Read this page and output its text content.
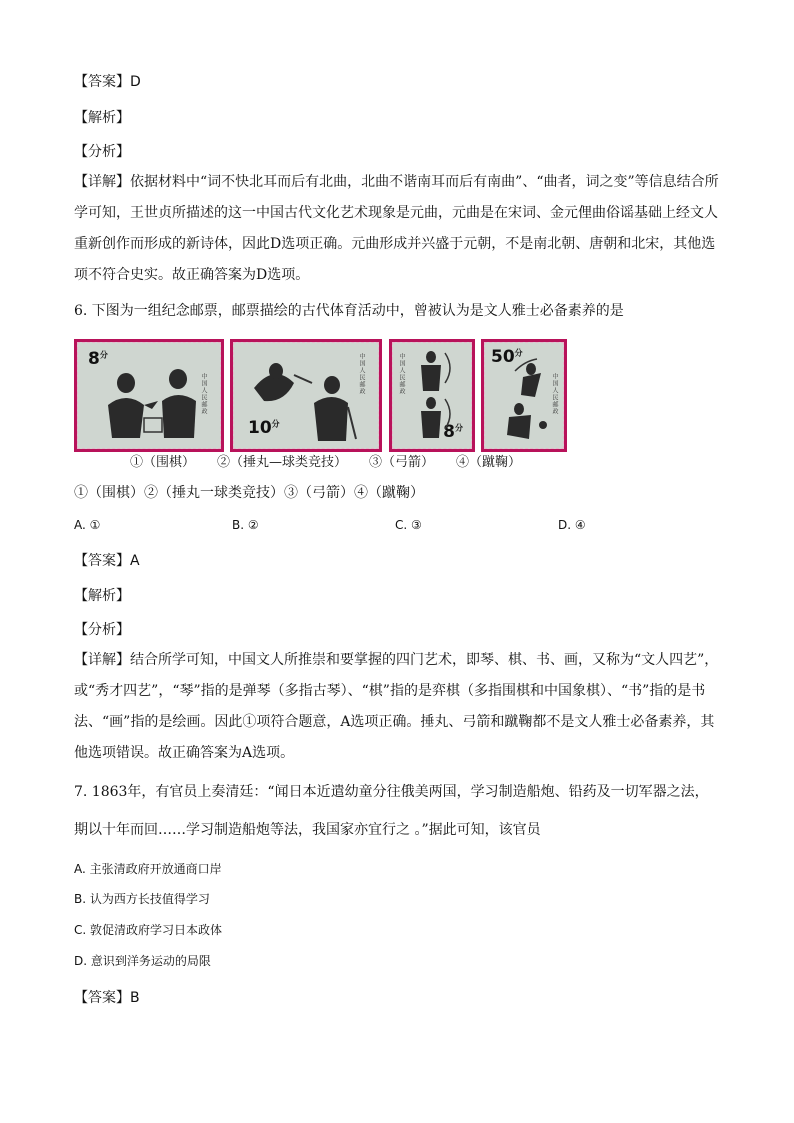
【答案】D
【解析】
【分析】
【详解】依据材料中“词不快北耳而后有北曲，北曲不谐南耳而后有南曲”、“曲者，词之变”等信息结合所学可知，王世贞所描述的这一中国古代文化艺术现象是元曲，元曲是在宋词、金元俚曲俗谣基础上经文人重新创作而形成的新诗体，因此D选项正确。元曲形成并兴盛于元朝，不是南北朝、唐朝和北宋，其他选项不符合史实。故正确答案为D选项。
6. 下图为一组纪念邮票，邮票描绘的古代体育活动中，曾被认为是文人雅士必备素养的是
$8^分$
中国人民邮政
$10^分$
中国人民邮政
$8^分$
中国人民邮政	$50^分$
中国人民邮政
①（围棋） ②（捶丸—球类竞技） ③（弓箭） ④（蹴鞠）
①（围棋）②（捶丸一球类竞技）③（弓箭）④（蹴鞠）
A. ①	B. ②	C. ③	D. ④
【答案】A
【解析】
【分析】
【详解】结合所学可知，中国文人所推崇和要掌握的四门艺术，即琴、棋、书、画，又称为“文人四艺”，或“秀才四艺”，“琴”指的是弹琴（多指古琴）、“棋”指的是弈棋（多指围棋和中国象棋）、“书”指的是书法、“画”指的是绘画。因此①项符合题意，A选项正确。捶丸、弓箭和蹴鞠都不是文人雅士必备素养，其他选项错误。故正确答案为A选项。
7. 1863年，有官员上奏清廷：“闻日本近遣幼童分往俄美两国，学习制造船炮、铅药及一切军器之法，期以十年而回……学习制造船炮等法，我国家亦宜行之 。”据此可知，该官员
A. 主张清政府开放通商口岸
B. 认为西方长技值得学习
C. 敦促清政府学习日本政体
D. 意识到洋务运动的局限
【答案】B
